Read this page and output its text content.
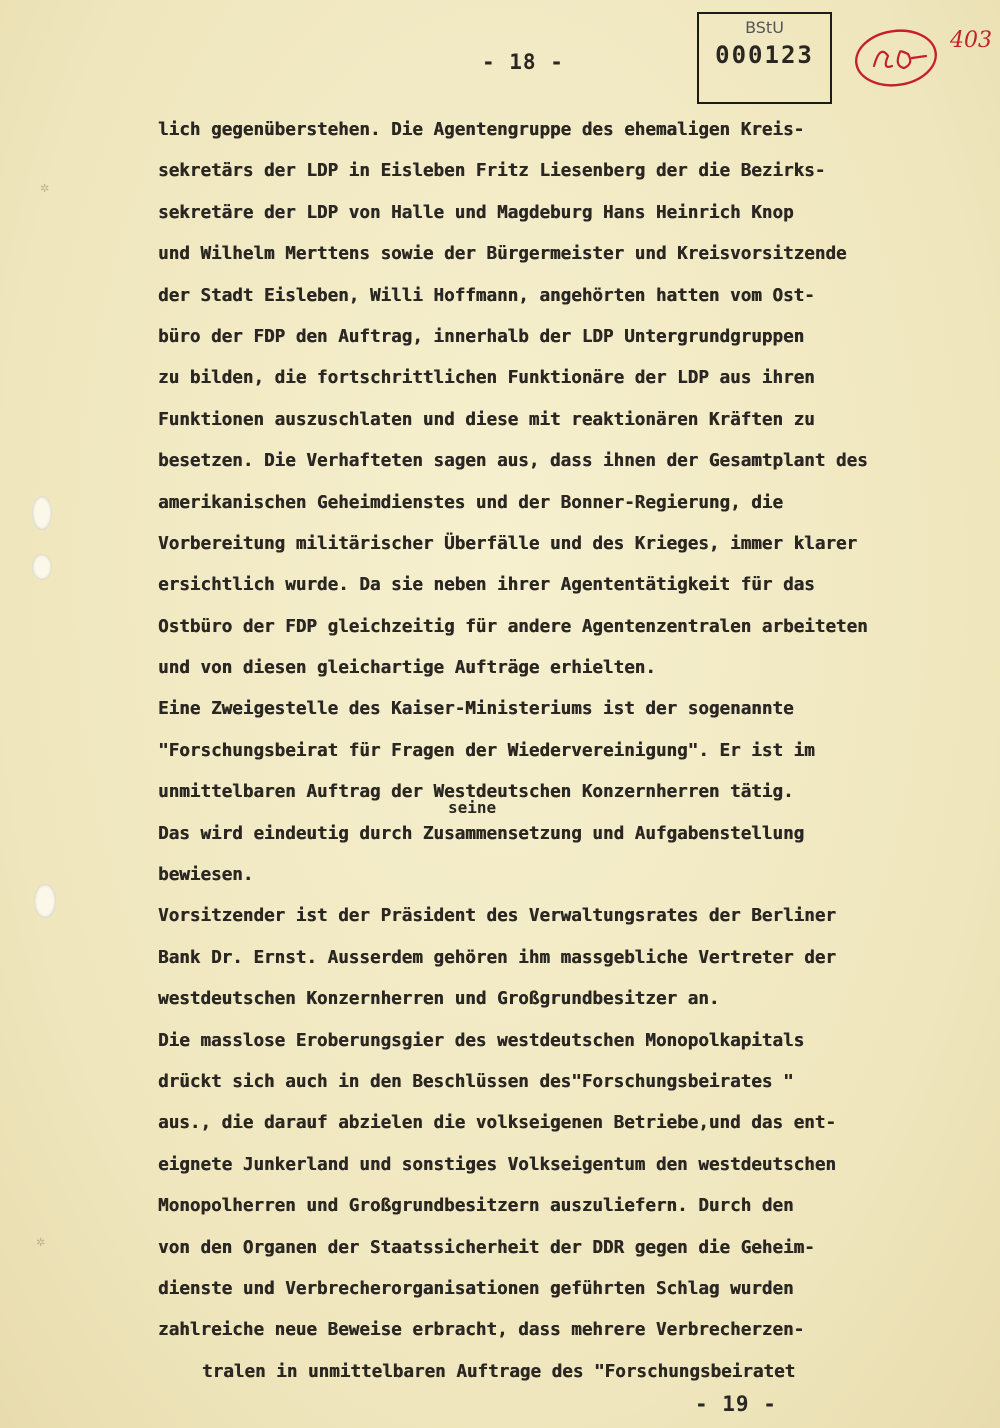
✲
✲
- 18 -
BStU
000123
403
lich gegenüberstehen. Die Agentengruppe des ehemaligen Kreis-
sekretärs der LDP in Eisleben Fritz Liesenberg der die Bezirks-
sekretäre der LDP von Halle und Magdeburg Hans Heinrich Knop
und Wilhelm Merttens sowie der Bürgermeister und Kreisvorsitzende
der Stadt Eisleben, Willi Hoffmann, angehörten hatten vom Ost-
büro der FDP den Auftrag, innerhalb der LDP Untergrundgruppen
zu bilden, die fortschrittlichen Funktionäre der LDP aus ihren
Funktionen auszuschlaten und diese mit reaktionären Kräften zu
besetzen. Die Verhafteten sagen aus, dass ihnen der Gesamtplant des
amerikanischen Geheimdienstes und der Bonner-Regierung, die
Vorbereitung militärischer Überfälle und des Krieges, immer klarer
ersichtlich wurde. Da sie neben ihrer Agententätigkeit für das
Ostbüro der FDP gleichzeitig für andere Agentenzentralen arbeiteten
und von diesen gleichartige Aufträge erhielten.
Eine Zweigestelle des Kaiser-Ministeriums ist der sogenannte
"Forschungsbeirat für Fragen der Wiedervereinigung". Er ist im
unmittelbaren Auftrag der Westdeutschen Konzernherren tätig.
Das wird eindeutig durch Zusammensetzung und Aufgabenstellung
bewiesen.
Vorsitzender ist der Präsident des Verwaltungsrates der Berliner
Bank Dr. Ernst. Ausserdem gehören ihm massgebliche Vertreter der
westdeutschen Konzernherren und Großgrundbesitzer an.
Die masslose Eroberungsgier des westdeutschen Monopolkapitals
drückt sich auch in den Beschlüssen des"Forschungsbeirates "
aus., die darauf abzielen die volkseigenen Betriebe,und das ent-
eignete Junkerland und sonstiges Volkseigentum den westdeutschen
Monopolherren und Großgrundbesitzern auszuliefern. Durch den
von den Organen der Staatssicherheit der DDR gegen die Geheim-
dienste und Verbrecherorganisationen geführten Schlag wurden
zahlreiche neue Beweise erbracht, dass mehrere Verbrecherzen-
tralen in unmittelbaren Auftrage des "Forschungsbeiratet
seine
- 19 -
